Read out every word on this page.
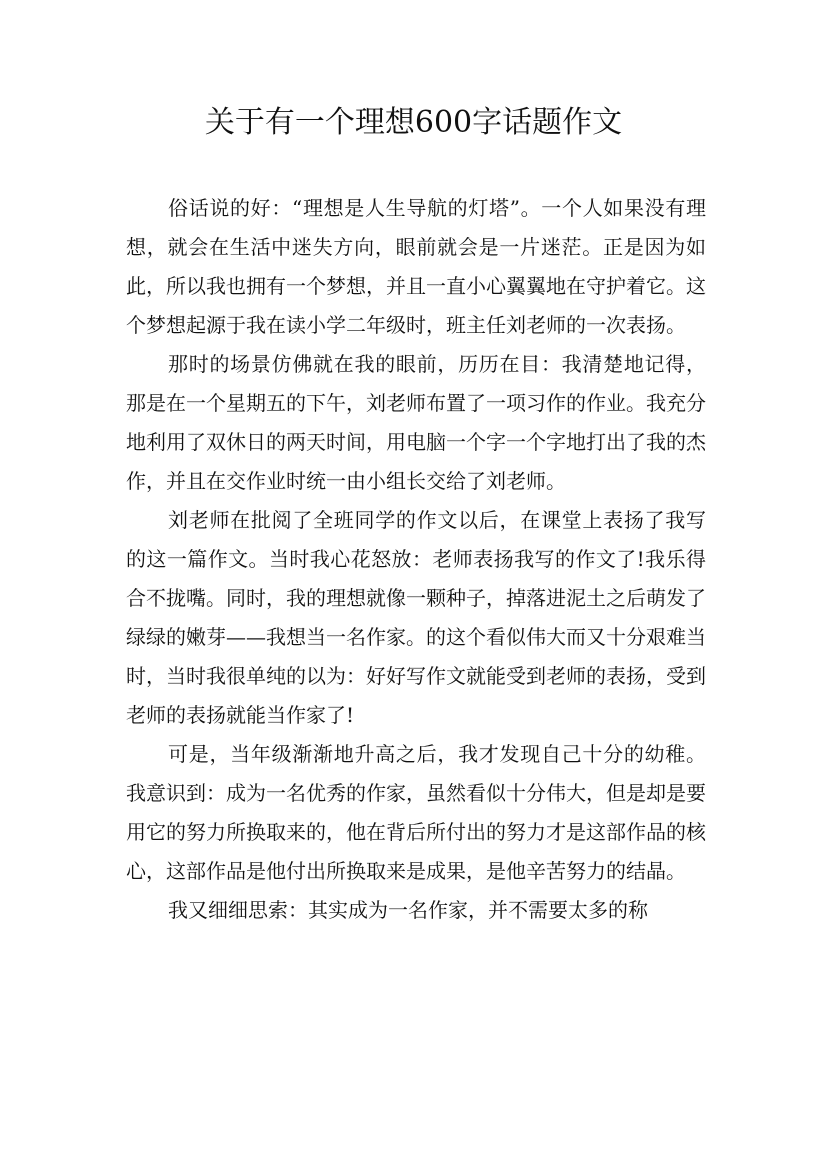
关于有一个理想600字话题作文

俗话说的好：“理想是人生导航的灯塔”。一个人如果没有理想，就会在生活中迷失方向，眼前就会是一片迷茫。正是因为如此，所以我也拥有一个梦想，并且一直小心翼翼地在守护着它。这个梦想起源于我在读小学二年级时，班主任刘老师的一次表扬。

那时的场景仿佛就在我的眼前，历历在目：我清楚地记得，那是在一个星期五的下午，刘老师布置了一项习作的作业。我充分地利用了双休日的两天时间，用电脑一个字一个字地打出了我的杰作，并且在交作业时统一由小组长交给了刘老师。

刘老师在批阅了全班同学的作文以后，在课堂上表扬了我写的这一篇作文。当时我心花怒放：老师表扬我写的作文了!我乐得合不拢嘴。同时，我的理想就像一颗种子，掉落进泥土之后萌发了绿绿的嫩芽——我想当一名作家。的这个看似伟大而又十分艰难当时，当时我很单纯的以为：好好写作文就能受到老师的表扬，受到老师的表扬就能当作家了!

可是，当年级渐渐地升高之后，我才发现自己十分的幼稚。我意识到：成为一名优秀的作家，虽然看似十分伟大，但是却是要用它的努力所换取来的，他在背后所付出的努力才是这部作品的核心，这部作品是他付出所换取来是成果，是他辛苦努力的结晶。

我又细细思索：其实成为一名作家，并不需要太多的称
